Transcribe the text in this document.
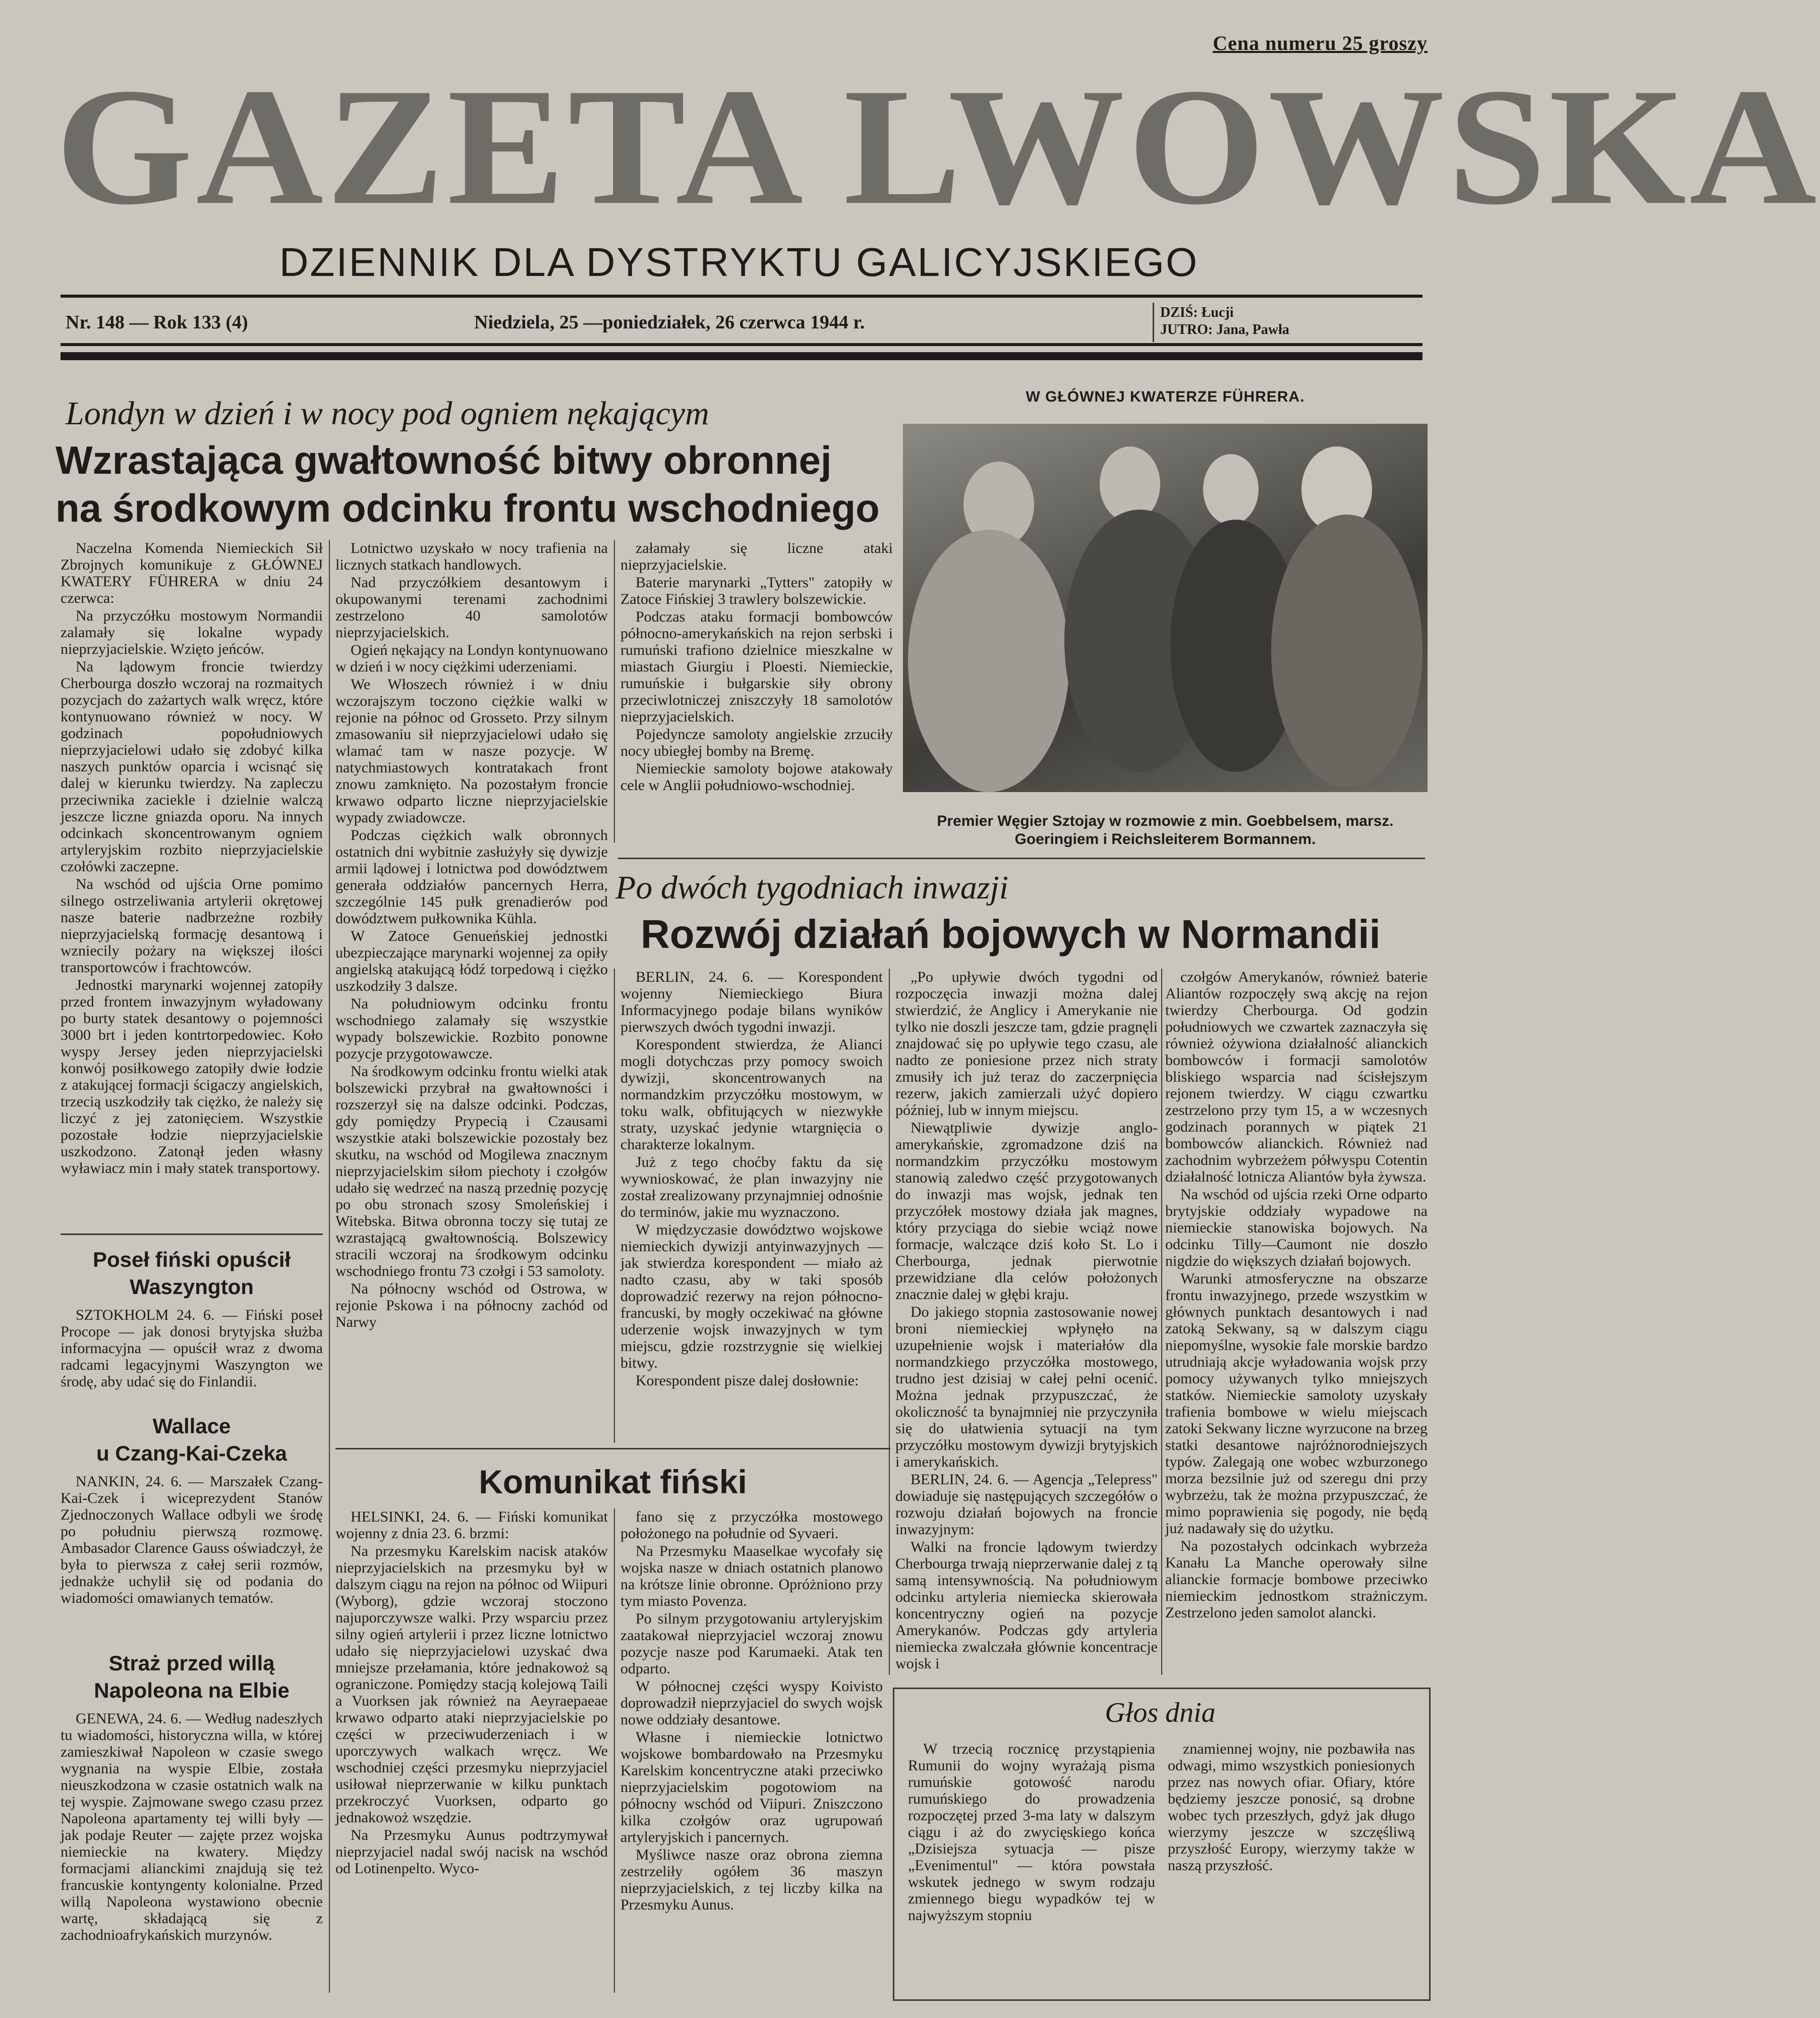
Cena numeru 25 groszy
GAZETA LWOWSKA
DZIENNIK DLA DYSTRYKTU GALICYJSKIEGO
Nr. 148 — Rok 133 (4)	Niedziela, 25 —poniedziałek, 26 czerwca 1944 r.	DZIŚ: Łucji
JUTRO: Jana, Pawła
Londyn w dzień i w nocy pod ogniem nękającym
Wzrastająca gwałtowność bitwy obronnej
na środkowym odcinku frontu wschodniego

Naczelna Komenda Niemieckich Sił Zbrojnych komunikuje z GŁÓWNEJ KWATERY FÜHRERA w dniu 24 czerwca:

Na przyczółku mostowym Normandii zalamały się lokalne wypady nieprzyjacielskie. Wzięto jeńców.

Na lądowym froncie twierdzy Cherbourga doszło wczoraj na rozmaitych pozycjach do zażartych walk wręcz, które kontynuowano również w nocy. W godzinach popołudniowych nieprzyjacielowi udało się zdobyć kilka naszych punktów oparcia i wcisnąć się dalej w kierunku twierdzy. Na zapleczu przeciwnika zaciekle i dzielnie walczą jeszcze liczne gniazda oporu. Na innych odcinkach skoncentrowanym ogniem artyleryjskim rozbito nieprzyjacielskie czołówki zaczepne.

Na wschód od ujścia Orne pomimo silnego ostrzeliwania artylerii okrętowej nasze baterie nadbrzeżne rozbiły nieprzyjacielską formację desantową i wzniecily pożary na większej ilości transportowców i frachtowców.

Jednostki marynarki wojennej zatopiły przed frontem inwazyjnym wyładowany po burty statek desantowy o pojemności 3000 brt i jeden kontrtorpedowiec. Koło wyspy Jersey jeden nieprzyjacielski konwój posiłkowego zatopiły dwie łodzie z atakującej formacji ścigaczy angielskich, trzecią uszkodziły tak ciężko, że należy się liczyć z jej zatonięciem. Wszystkie pozostałe łodzie nieprzyjacielskie uszkodzono. Zatonął jeden własny wyławiacz min i mały statek transportowy.

Lotnictwo uzyskało w nocy trafienia na licznych statkach handlowych.

Nad przyczółkiem desantowym i okupowanymi terenami zachodnimi zestrzelono 40 samolotów nieprzyjacielskich.

Ogień nękający na Londyn kontynuowano w dzień i w nocy ciężkimi uderzeniami.

We Włoszech również i w dniu wczorajszym toczono ciężkie walki w rejonie na północ od Grosseto. Przy silnym zmasowaniu sił nieprzyjacielowi udało się wlamać tam w nasze pozycje. W natychmiastowych kontratakach front znowu zamknięto. Na pozostałym froncie krwawo odparto liczne nieprzyjacielskie wypady zwiadowcze.

Podczas ciężkich walk obronnych ostatnich dni wybitnie zasłużyły się dywizje armii lądowej i lotnictwa pod dowództwem generała oddziałów pancernych Herra, szczególnie 145 pułk grenadierów pod dowództwem pułkownika Kühla.

W Zatoce Genueńskiej jednostki ubezpieczające marynarki wojennej za opiły angielską atakującą łódź torpedową i ciężko uszkodziły 3 dalsze.

Na południowym odcinku frontu wschodniego zalamały się wszystkie wypady bolszewickie. Rozbito ponowne pozycje przygotowawcze.

Na środkowym odcinku frontu wielki atak bolszewicki przybrał na gwałtowności i rozszerzył się na dalsze odcinki. Podczas, gdy pomiędzy Prypecią i Czausami wszystkie ataki bolszewickie pozostały bez skutku, na wschód od Mogilewa znacznym nieprzyjacielskim siłom piechoty i czołgów udało się wedrzeć na naszą przednię pozycję po obu stronach szosy Smoleńskiej i Witebska. Bitwa obronna toczy się tutaj ze wzrastającą gwałtownością. Bolszewicy stracili wczoraj na środkowym odcinku wschodniego frontu 73 czołgi i 53 samoloty.

Na północny wschód od Ostrowa, w rejonie Pskowa i na północny zachód od Narwy

załamały się liczne ataki nieprzyjacielskie.

Baterie marynarki „Tytters" zatopiły w Zatoce Fińskiej 3 trawlery bolszewickie.

Podczas ataku formacji bombowców północno-amerykańskich na rejon serbski i rumuński trafiono dzielnice mieszkalne w miastach Giurgiu i Ploesti. Niemieckie, rumuńskie i bułgarskie siły obrony przeciwlotniczej zniszczyły 18 samolotów nieprzyjacielskich.

Pojedyncze samoloty angielskie zrzuciły nocy ubiegłej bomby na Bremę.

Niemieckie samoloty bojowe atakowały cele w Anglii południowo-wschodniej.

W GŁÓWNEJ KWATERZE FÜHRERA.
Premier Węgier Sztojay w rozmowie z min. Goebbelsem, marsz. Goeringiem i Reichsleiterem Bormannem.
Po dwóch tygodniach inwazji
Rozwój działań bojowych w Normandii

BERLIN, 24. 6. — Korespondent wojenny Niemieckiego Biura Informacyjnego podaje bilans wyników pierwszych dwóch tygodni inwazji.

Korespondent stwierdza, że Alianci mogli dotychczas przy pomocy swoich dywizji, skoncentrowanych na normandzkim przyczółku mostowym, w toku walk, obfitujących w niezwykłe straty, uzyskać jedynie wtargnięcia o charakterze lokalnym.

Już z tego choćby faktu da się wywnioskować, że plan inwazyjny nie został zrealizowany przynajmniej odnośnie do terminów, jakie mu wyznaczono.

W międzyczasie dowództwo wojskowe niemieckich dywizji antyinwazyjnych — jak stwierdza korespondent — miało aż nadto czasu, aby w taki sposób doprowadzić rezerwy na rejon północno-francuski, by mogły oczekiwać na główne uderzenie wojsk inwazyjnych w tym miejscu, gdzie rozstrzygnie się wielkiej bitwy.

Korespondent pisze dalej dosłownie:

„Po upływie dwóch tygodni od rozpoczęcia inwazji można dalej stwierdzić, że Anglicy i Amerykanie nie tylko nie doszli jeszcze tam, gdzie pragnęli znajdować się po upływie tego czasu, ale nadto ze poniesione przez nich straty zmusiły ich już teraz do zaczerpnięcia rezerw, jakich zamierzali użyć dopiero później, lub w innym miejscu.

Niewątpliwie dywizje anglo-amerykańskie, zgromadzone dziś na normandzkim przyczółku mostowym stanowią zaledwo część przygotowanych do inwazji mas wojsk, jednak ten przyczółek mostowy działa jak magnes, który przyciąga do siebie wciąż nowe formacje, walczące dziś koło St. Lo i Cherbourga, jednak pierwotnie przewidziane dla celów położonych znacznie dalej w głębi kraju.

Do jakiego stopnia zastosowanie nowej broni niemieckiej wpłynęło na uzupełnienie wojsk i materiałów dla normandzkiego przyczółka mostowego, trudno jest dzisiaj w całej pełni ocenić. Można jednak przypuszczać, że okoliczność ta bynajmniej nie przyczyniła się do ułatwienia sytuacji na tym przyczółku mostowym dywizji brytyjskich i amerykańskich.

BERLIN, 24. 6. — Agencja „Telepress" dowiaduje się następujących szczegółów o rozwoju działań bojowych na froncie inwazyjnym:

Walki na froncie lądowym twierdzy Cherbourga trwają nieprzerwanie dalej z tą samą intensywnością. Na południowym odcinku artyleria niemiecka skierowała koncentryczny ogień na pozycje Amerykanów. Podczas gdy artyleria niemiecka zwalczała głównie koncentracje wojsk i

czołgów Amerykanów, również baterie Aliantów rozpoczęły swą akcję na rejon twierdzy Cherbourga. Od godzin południowych we czwartek zaznaczyła się również ożywiona działalność alianckich bombowców i formacji samolotów bliskiego wsparcia nad ścisłejszym rejonem twierdzy. W ciągu czwartku zestrzelono przy tym 15, a w wczesnych godzinach porannych w piątek 21 bombowców alianckich. Również nad zachodnim wybrzeżem półwyspu Cotentin działalność lotnicza Aliantów była żywsza.

Na wschód od ujścia rzeki Orne odparto brytyjskie oddziały wypadowe na niemieckie stanowiska bojowych. Na odcinku Tilly—Caumont nie doszło nigdzie do większych działań bojowych.

Warunki atmosferyczne na obszarze frontu inwazyjnego, przede wszystkim w głównych punktach desantowych i nad zatoką Sekwany, są w dalszym ciągu niepomyślne, wysokie fale morskie bardzo utrudniają akcje wyładowania wojsk przy pomocy używanych tylko mniejszych statków. Niemieckie samoloty uzyskały trafienia bombowe w wielu miejscach zatoki Sekwany liczne wyrzucone na brzeg statki desantowe najróżnorodniejszych typów. Zalegają one wobec wzburzonego morza bezsilnie już od szeregu dni przy wybrzeżu, tak że można przypuszczać, że mimo poprawienia się pogody, nie będą już nadawały się do użytku.

Na pozostałych odcinkach wybrzeża Kanału La Manche operowały silne alianckie formacje bombowe przeciwko niemieckim jednostkom strażniczym. Zestrzelono jeden samolot alancki.

Poseł fiński opuścił
Waszyngton

SZTOKHOLM 24. 6. — Fiński poseł Procope — jak donosi brytyjska służba informacyjna — opuścił wraz z dwoma radcami legacyjnymi Waszyngton we środę, aby udać się do Finlandii.

Wallace
u Czang-Kai-Czeka

NANKIN, 24. 6. — Marszałek Czang-Kai-Czek i wiceprezydent Stanów Zjednoczonych Wallace odbyli we środę po południu pierwszą rozmowę. Ambasador Clarence Gauss oświadczył, że była to pierwsza z całej serii rozmów, jednakże uchylił się od podania do wiadomości omawianych tematów.

Straż przed willą
Napoleona na Elbie

GENEWA, 24. 6. — Według nadeszłych tu wiadomości, historyczna willa, w której zamieszkiwał Napoleon w czasie swego wygnania na wyspie Elbie, została nieuszkodzona w czasie ostatnich walk na tej wyspie. Zajmowane swego czasu przez Napoleona apartamenty tej willi były — jak podaje Reuter — zajęte przez wojska niemieckie na kwatery. Między formacjami alianckimi znajdują się też francuskie kontyngenty kolonialne. Przed willą Napoleona wystawiono obecnie wartę, składającą się z zachodnioafrykańskich murzynów.

Komunikat fiński

HELSINKI, 24. 6. — Fiński komunikat wojenny z dnia 23. 6. brzmi:

Na przesmyku Karelskim nacisk ataków nieprzyjacielskich na przesmyku był w dalszym ciągu na rejon na północ od Wiipuri (Wyborg), gdzie wczoraj stoczono najuporczywsze walki. Przy wsparciu przez silny ogień artylerii i przez liczne lotnictwo udało się nieprzyjacielowi uzyskać dwa mniejsze przełamania, które jednakowoż są ograniczone. Pomiędzy stacją kolejową Taili a Vuorksen jak również na Aeyraepaeae krwawo odparto ataki nieprzyjacielskie po części w przeciwuderzeniach i w uporczywych walkach wręcz. We wschodniej części przesmyku nieprzyjaciel usiłował nieprzerwanie w kilku punktach przekroczyć Vuorksen, odparto go jednakowoż wszędzie.

Na Przesmyku Aunus podtrzymywał nieprzyjaciel nadal swój nacisk na wschód od Lotinenpelto. Wyco-

fano się z przyczółka mostowego położonego na południe od Syvaeri.

Na Przesmyku Maaselkae wycofały się wojska nasze w dniach ostatnich planowo na krótsze linie obronne. Opróżniono przy tym miasto Povenza.

Po silnym przygotowaniu artyleryjskim zaatakował nieprzyjaciel wczoraj znowu pozycje nasze pod Karumaeki. Atak ten odparto.

W północnej części wyspy Koivisto doprowadził nieprzyjaciel do swych wojsk nowe oddziały desantowe.

Własne i niemieckie lotnictwo wojskowe bombardowało na Przesmyku Karelskim koncentryczne ataki przeciwko nieprzyjacielskim pogotowiom na północny wschód od Viipuri. Zniszczono kilka czołgów oraz ugrupowań artyleryjskich i pancernych.

Myśliwce nasze oraz obrona ziemna zestrzeliły ogółem 36 maszyn nieprzyjacielskich, z tej liczby kilka na Przesmyku Aunus.

Głos dnia

W trzecią rocznicę przystąpienia Rumunii do wojny wyrażają pisma rumuńskie gotowość narodu rumuńskiego do prowadzenia rozpoczętej przed 3-ma laty w dalszym ciągu i aż do zwycięskiego końca „Dzisiejsza sytuacja — pisze „Evenimentul" — która powstała wskutek jednego w swym rodzaju zmiennego biegu wypadków tej w najwyższym stopniu

znamiennej wojny, nie pozbawiła nas odwagi, mimo wszystkich poniesionych przez nas nowych ofiar. Ofiary, które będziemy jeszcze ponosić, są drobne wobec tych przeszłych, gdyż jak długo wierzymy jeszcze w szczęśliwą przyszłość Europy, wierzymy także w naszą przyszłość.
